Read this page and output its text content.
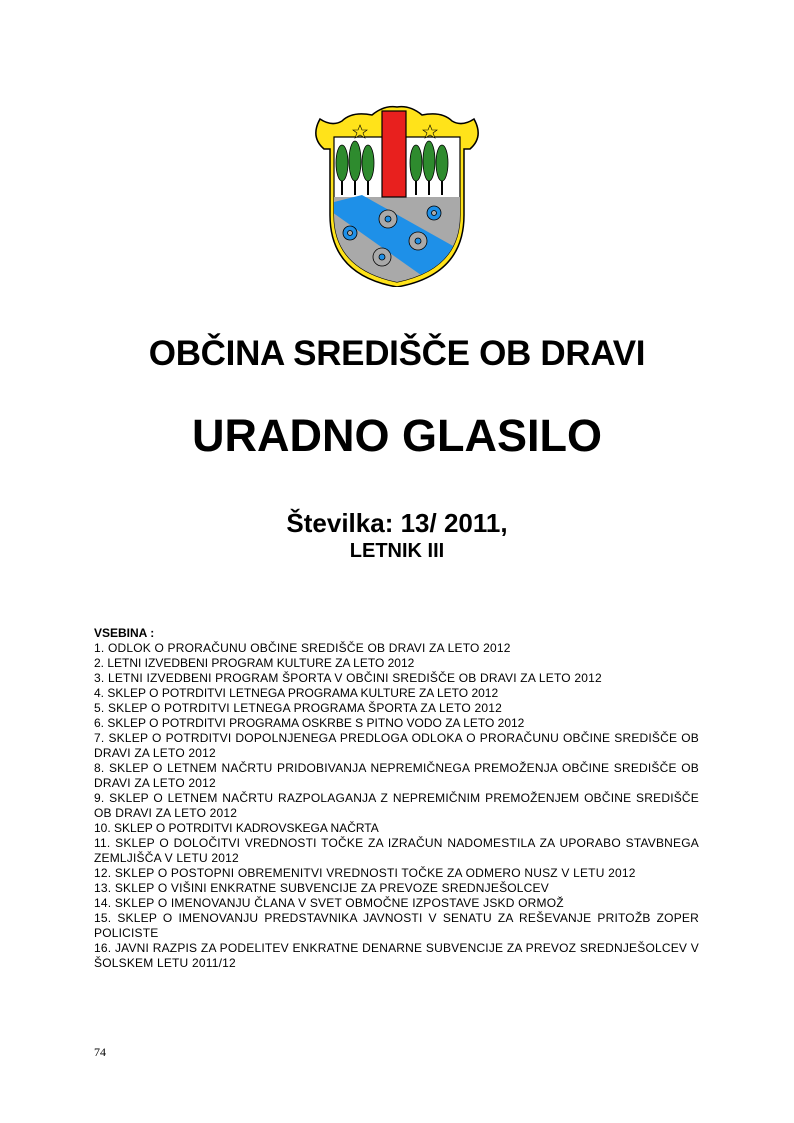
OBČINA SREDIŠČE OB DRAVI
URADNO GLASILO
Številka: 13/ 2011,
LETNIK III
VSEBINA :
1. ODLOK O PRORAČUNU OBČINE SREDIŠČE OB DRAVI ZA LETO 2012
2. LETNI IZVEDBENI PROGRAM KULTURE ZA LETO 2012
3. LETNI IZVEDBENI PROGRAM ŠPORTA V OBČINI SREDIŠČE OB DRAVI ZA LETO 2012
4. SKLEP O POTRDITVI LETNEGA PROGRAMA KULTURE ZA LETO 2012
5. SKLEP O POTRDITVI LETNEGA PROGRAMA ŠPORTA ZA LETO 2012
6. SKLEP O POTRDITVI PROGRAMA OSKRBE S PITNO VODO ZA LETO 2012
7. SKLEP O POTRDITVI DOPOLNJENEGA PREDLOGA ODLOKA O PRORAČUNU OBČINE SREDIŠČE OB DRAVI ZA LETO 2012
8. SKLEP O LETNEM NAČRTU PRIDOBIVANJA NEPREMIČNEGA PREMOŽENJA OBČINE SREDIŠČE OB DRAVI ZA LETO 2012
9. SKLEP O LETNEM NAČRTU RAZPOLAGANJA Z NEPREMIČNIM PREMOŽENJEM OBČINE SREDIŠČE OB DRAVI ZA LETO 2012
10. SKLEP O POTRDITVI KADROVSKEGA NAČRTA
11. SKLEP O DOLOČITVI VREDNOSTI TOČKE ZA IZRAČUN NADOMESTILA ZA UPORABO STAVBNEGA ZEMLJIŠČA V LETU 2012
12. SKLEP O POSTOPNI OBREMENITVI VREDNOSTI TOČKE ZA ODMERO NUSZ V LETU 2012
13. SKLEP O VIŠINI ENKRATNE SUBVENCIJE ZA PREVOZE SREDNJEŠOLCEV
14. SKLEP O IMENOVANJU ČLANA V SVET OBMOČNE IZPOSTAVE JSKD ORMOŽ
15. SKLEP O IMENOVANJU PREDSTAVNIKA JAVNOSTI V SENATU ZA REŠEVANJE PRITOŽB ZOPER POLICISTE
16. JAVNI RAZPIS ZA PODELITEV ENKRATNE DENARNE SUBVENCIJE ZA PREVOZ SREDNJEŠOLCEV V ŠOLSKEM LETU 2011/12
74
